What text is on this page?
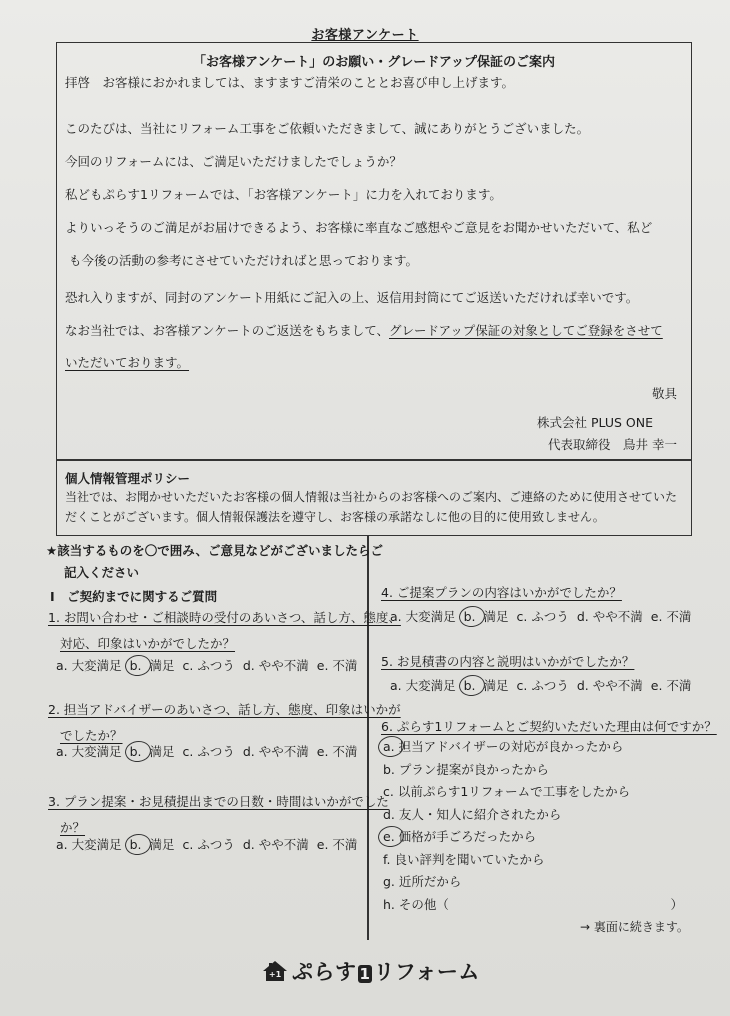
お客様アンケート
「お客様アンケート」のお願い・グレードアップ保証のご案内
拝啓　お客様におかれましては、ますますご清栄のこととお喜び申し上げます。
このたびは、当社にリフォーム工事をご依頼いただきまして、誠にありがとうございました。
今回のリフォームには、ご満足いただけましたでしょうか？
私どもぷらす1リフォームでは、「お客様アンケート」に力を入れております。
よりいっそうのご満足がお届けできるよう、お客様に率直なご感想やご意見をお聞かせいただいて、私ど
も今後の活動の参考にさせていただければと思っております。
恐れ入りますが、同封のアンケート用紙にご記入の上、返信用封筒にてご返送いただければ幸いです。
なお当社では、お客様アンケートのご返送をもちまして、グレードアップ保証の対象としてご登録をさせて
いただいております。
敬具
株式会社 PLUS ONE
代表取締役　鳥井 幸一
個人情報管理ポリシー
当社では、お聞かせいただいたお客様の個人情報は当社からのお客様へのご案内、ご連絡のために使用させていただくことがございます。個人情報保護法を遵守し、お客様の承諾なしに他の目的に使用致しません。
★該当するものを〇で囲み、ご意見などがございましたらご
記入ください
Ⅰ　ご契約までに関するご質問
1. お問い合わせ・ご相談時の受付のあいさつ、話し方、態度、
対応、印象はいかがでしたか？
a. 大変満足 b. 満足 c. ふつう d. やや不満 e. 不満
2. 担当アドバイザーのあいさつ、話し方、態度、印象はいかが
でしたか？
a. 大変満足 b. 満足 c. ふつう d. やや不満 e. 不満
3. プラン提案・お見積提出までの日数・時間はいかがでした
か？
a. 大変満足 b. 満足 c. ふつう d. やや不満 e. 不満
4. ご提案プランの内容はいかがでしたか？
a. 大変満足 b. 満足 c. ふつう d. やや不満 e. 不満
5. お見積書の内容と説明はいかがでしたか？
a. 大変満足 b. 満足 c. ふつう d. やや不満 e. 不満
6. ぷらす1リフォームとご契約いただいた理由は何ですか？
a. 担当アドバイザーの対応が良かったから
b. プラン提案が良かったから
c. 以前ぷらす1リフォームで工事をしたから
d. 友人・知人に紹介されたから
e. 価格が手ごろだったから
f. 良い評判を聞いていたから
g. 近所だから
h. その他（	）
→ 裏面に続きます。
+1 ぷらす 1 リフォーム
